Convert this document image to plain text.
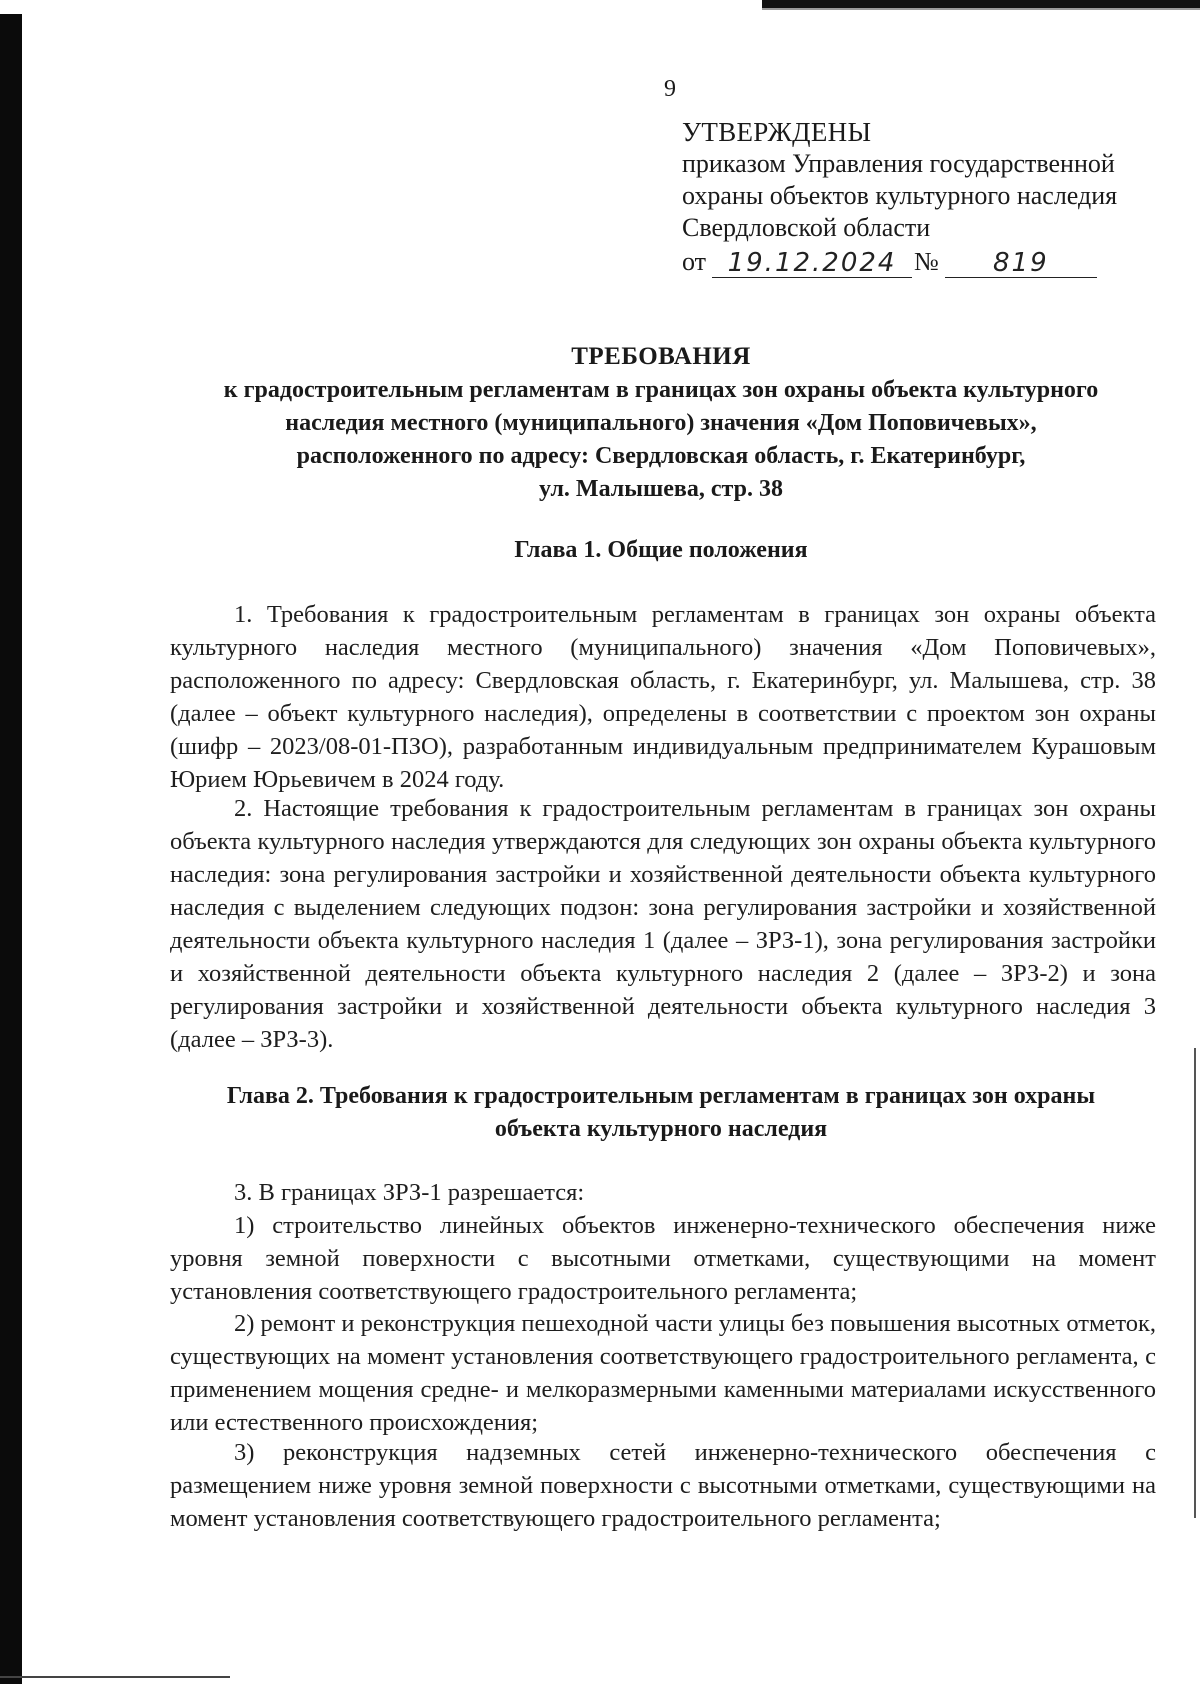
9
УТВЕРЖДЕНЫ
приказом Управления государственной
охраны объектов культурного наследия
Свердловской области
от 19.12.2024 №	819
ТРЕБОВАНИЯ
к градостроительным регламентам в границах зон охраны объекта культурного
наследия местного (муниципального) значения «Дом Поповичевых»,
расположенного по адресу: Свердловская область, г. Екатеринбург,
ул. Малышева, стр. 38
Глава 1. Общие положения
1. Требования к градостроительным регламентам в границах зон охраны объекта культурного наследия местного (муниципального) значения «Дом Поповичевых», расположенного по адресу: Свердловская область, г. Екатеринбург, ул. Малышева, стр. 38 (далее – объект культурного наследия), определены в соответствии с проектом зон охраны (шифр – 2023/08-01-ПЗО), разработанным индивидуальным предпринимателем Курашовым Юрием Юрьевичем в 2024 году.
2. Настоящие требования к градостроительным регламентам в границах зон охраны объекта культурного наследия утверждаются для следующих зон охраны объекта культурного наследия: зона регулирования застройки и хозяйственной деятельности объекта культурного наследия с выделением следующих подзон: зона регулирования застройки и хозяйственной деятельности объекта культурного наследия 1 (далее – ЗРЗ-1), зона регулирования застройки и хозяйственной деятельности объекта культурного наследия 2 (далее – ЗРЗ-2) и зона регулирования застройки и хозяйственной деятельности объекта культурного наследия 3 (далее – ЗРЗ-3).
Глава 2. Требования к градостроительным регламентам в границах зон охраны
объекта культурного наследия
3. В границах ЗРЗ-1 разрешается:
1) строительство линейных объектов инженерно-технического обеспечения ниже уровня земной поверхности с высотными отметками, существующими на момент установления соответствующего градостроительного регламента;
2) ремонт и реконструкция пешеходной части улицы без повышения высотных отметок, существующих на момент установления соответствующего градостроительного регламента, с применением мощения средне- и мелкоразмерными каменными материалами искусственного или естественного происхождения;
3) реконструкция надземных сетей инженерно-технического обеспечения с размещением ниже уровня земной поверхности с высотными отметками, существующими на момент установления соответствующего градостроительного регламента;
